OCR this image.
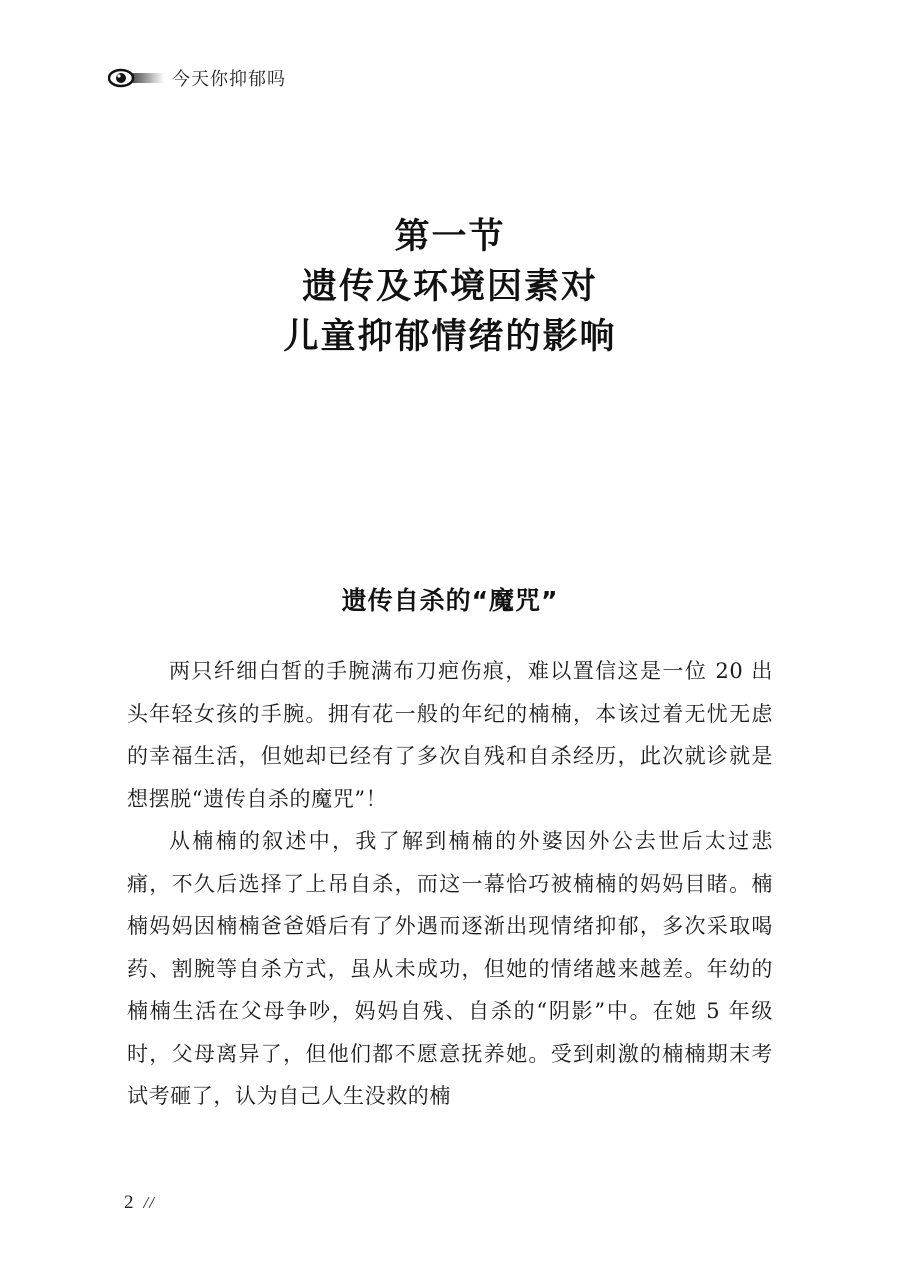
今天你抑郁吗
第一节
遗传及环境因素对
儿童抑郁情绪的影响
遗传自杀的“魔咒”

两只纤细白皙的手腕满布刀疤伤痕，难以置信这是一位 20 出头年轻女孩的手腕。拥有花一般的年纪的楠楠，本该过着无忧无虑的幸福生活，但她却已经有了多次自残和自杀经历，此次就诊就是想摆脱“遗传自杀的魔咒”！

从楠楠的叙述中，我了解到楠楠的外婆因外公去世后太过悲痛，不久后选择了上吊自杀，而这一幕恰巧被楠楠的妈妈目睹。楠楠妈妈因楠楠爸爸婚后有了外遇而逐渐出现情绪抑郁，多次采取喝药、割腕等自杀方式，虽从未成功，但她的情绪越来越差。年幼的楠楠生活在父母争吵，妈妈自残、自杀的“阴影”中。在她 5 年级时，父母离异了，但他们都不愿意抚养她。受到刺激的楠楠期末考试考砸了，认为自己人生没救的楠

2 //
